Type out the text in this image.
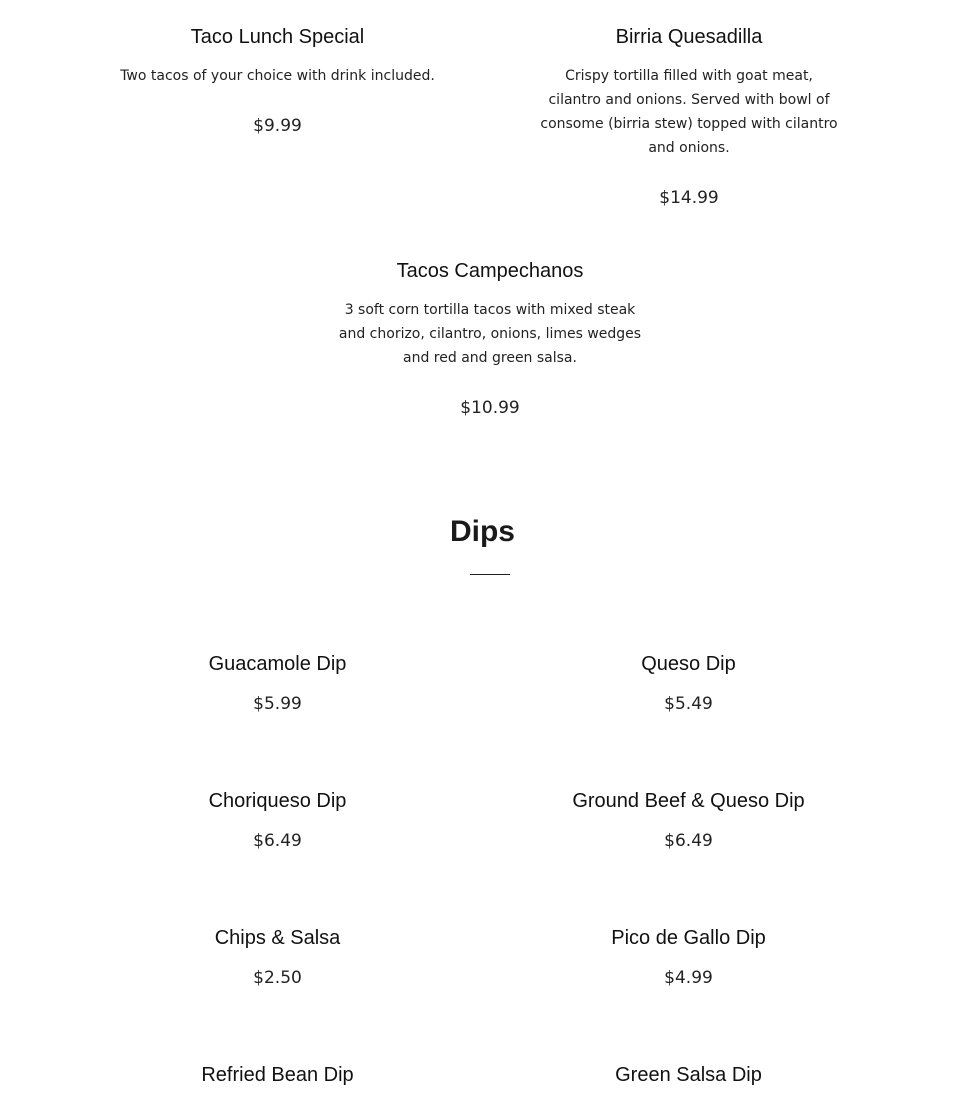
Taco Lunch Special
Two tacos of your choice with drink included.
$9.99
Birria Quesadilla
Crispy tortilla filled with goat meat, cilantro and onions. Served with bowl of consome (birria stew) topped with cilantro and onions.
$14.99
Tacos Campechanos
3 soft corn tortilla tacos with mixed steak and chorizo, cilantro, onions, limes wedges and red and green salsa.
$10.99
Dips
Guacamole Dip
$5.99
Queso Dip
$5.49
Choriqueso Dip
$6.49
Ground Beef & Queso Dip
$6.49
Chips & Salsa
$2.50
Pico de Gallo Dip
$4.99
Refried Bean Dip	Green Salsa Dip
